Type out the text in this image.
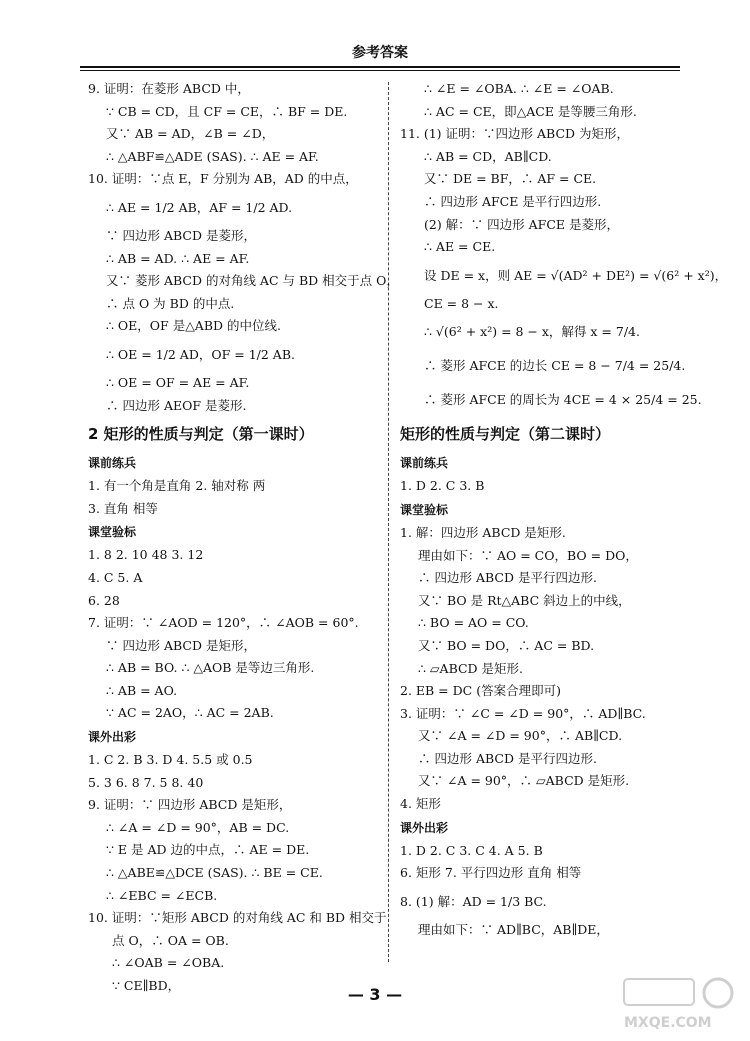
参考答案
9. 证明：在菱形 ABCD 中，
∵ CB = CD，且 CF = CE，∴ BF = DE.
又∵ AB = AD，∠B = ∠D，
∴ △ABF≌△ADE (SAS). ∴ AE = AF.
10. 证明：∵点 E，F 分别为 AB，AD 的中点，
∴ AE = 1/2 AB，AF = 1/2 AD.
∵ 四边形 ABCD 是菱形，
∴ AB = AD. ∴ AE = AF.
又∵ 菱形 ABCD 的对角线 AC 与 BD 相交于点 O，
∴ 点 O 为 BD 的中点.
∴ OE，OF 是△ABD 的中位线.
∴ OE = 1/2 AD，OF = 1/2 AB.
∴ OE = OF = AE = AF.
∴ 四边形 AEOF 是菱形.
2 矩形的性质与判定（第一课时）
课前练兵
1. 有一个角是直角 2. 轴对称 两
3. 直角 相等
课堂验标
1. 8 2. 10 48 3. 12
4. C 5. A
6. 28
7. 证明：∵ ∠AOD = 120°，∴ ∠AOB = 60°.
∵ 四边形 ABCD 是矩形，
∴ AB = BO. ∴ △AOB 是等边三角形.
∴ AB = AO.
∵ AC = 2AO，∴ AC = 2AB.
课外出彩
1. C 2. B 3. D 4. 5.5 或 0.5
5. 3 6. 8 7. 5 8. 40
9. 证明：∵ 四边形 ABCD 是矩形，
∴ ∠A = ∠D = 90°，AB = DC.
∵ E 是 AD 边的中点，∴ AE = DE.
∴ △ABE≌△DCE (SAS). ∴ BE = CE.
∴ ∠EBC = ∠ECB.
10. 证明：∵矩形 ABCD 的对角线 AC 和 BD 相交于
点 O，∴ OA = OB.
∴ ∠OAB = ∠OBA.
∵ CE∥BD，
∴ ∠E = ∠OBA. ∴ ∠E = ∠OAB.
∴ AC = CE，即△ACE 是等腰三角形.
11. (1) 证明：∵四边形 ABCD 为矩形，
∴ AB = CD，AB∥CD.
又∵ DE = BF，∴ AF = CE.
∴ 四边形 AFCE 是平行四边形.
(2) 解：∵ 四边形 AFCE 是菱形，
∴ AE = CE.
设 DE = x，则 AE = √(AD² + DE²) = √(6² + x²)，
CE = 8 − x.
∴ √(6² + x²) = 8 − x，解得 x = 7/4.
∴ 菱形 AFCE 的边长 CE = 8 − 7/4 = 25/4.
∴ 菱形 AFCE 的周长为 4CE = 4 × 25/4 = 25.
矩形的性质与判定（第二课时）
课前练兵
1. D 2. C 3. B
课堂验标
1. 解：四边形 ABCD 是矩形.
理由如下：∵ AO = CO，BO = DO，
∴ 四边形 ABCD 是平行四边形.
又∵ BO 是 Rt△ABC 斜边上的中线，
∴ BO = AO = CO.
又∵ BO = DO，∴ AC = BD.
∴ ▱ABCD 是矩形.
2. EB = DC (答案合理即可)
3. 证明：∵ ∠C = ∠D = 90°，∴ AD∥BC.
又∵ ∠A = ∠D = 90°，∴ AB∥CD.
∴ 四边形 ABCD 是平行四边形.
又∵ ∠A = 90°，∴ ▱ABCD 是矩形.
4. 矩形
课外出彩
1. D 2. C 3. C 4. A 5. B
6. 矩形 7. 平行四边形 直角 相等
8. (1) 解：AD = 1/3 BC.
理由如下：∵ AD∥BC，AB∥DE，
— 3 —
MXQE.COM
